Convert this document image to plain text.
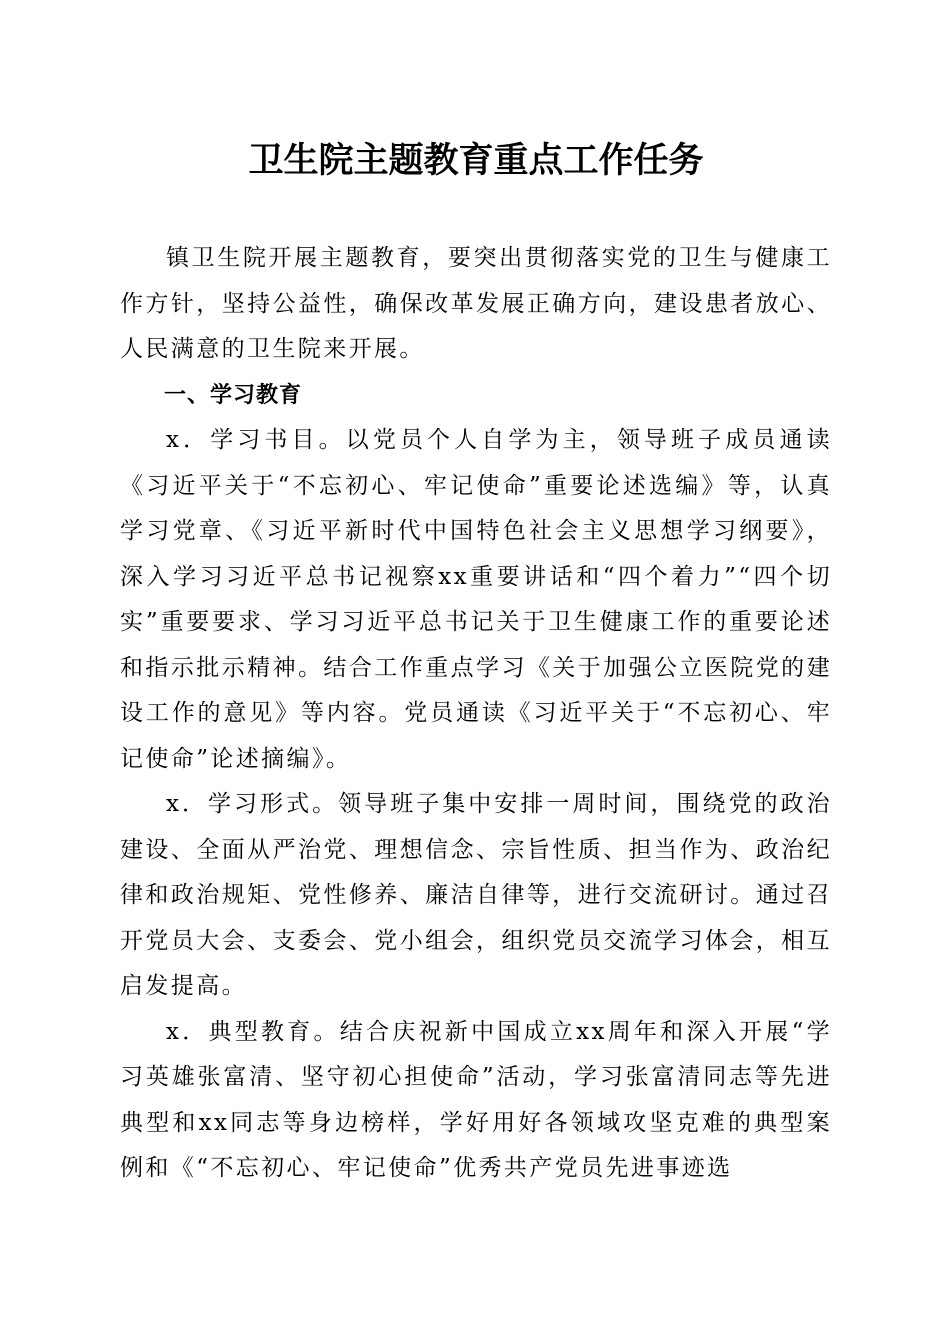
卫生院主题教育重点工作任务

镇卫生院开展主题教育，要突出贯彻落实党的卫生与健康工作方针，坚持公益性，确保改革发展正确方向，建设患者放心、人民满意的卫生院来开展。

一、学习教育

x．学习书目。以党员个人自学为主，领导班子成员通读《习近平关于“不忘初心、牢记使命”重要论述选编》等，认真学习党章、《习近平新时代中国特色社会主义思想学习纲要》，深入学习习近平总书记视察xx重要讲话和“四个着力”“四个切实”重要要求、学习习近平总书记关于卫生健康工作的重要论述和指示批示精神。结合工作重点学习《关于加强公立医院党的建设工作的意见》等内容。党员通读《习近平关于“不忘初心、牢记使命”论述摘编》。

x．学习形式。领导班子集中安排一周时间，围绕党的政治建设、全面从严治党、理想信念、宗旨性质、担当作为、政治纪律和政治规矩、党性修养、廉洁自律等，进行交流研讨。通过召开党员大会、支委会、党小组会，组织党员交流学习体会，相互启发提高。

x．典型教育。结合庆祝新中国成立xx周年和深入开展“学习英雄张富清、坚守初心担使命”活动，学习张富清同志等先进典型和xx同志等身边榜样，学好用好各领域攻坚克难的典型案例和《“不忘初心、牢记使命”优秀共产党员先进事迹选
